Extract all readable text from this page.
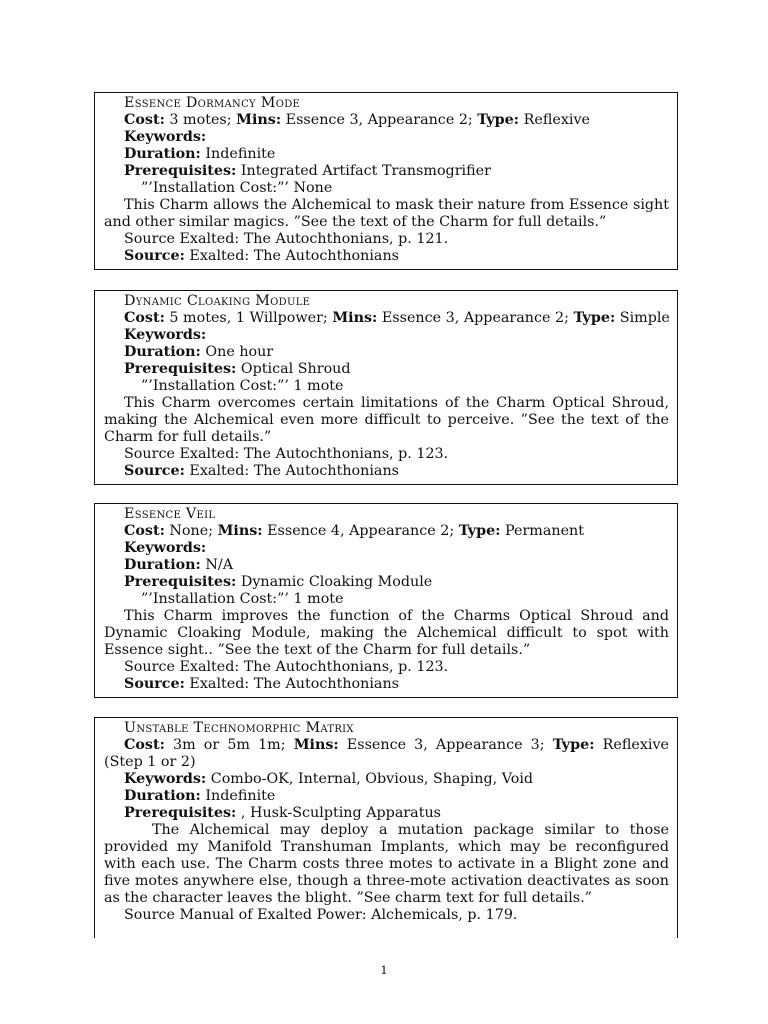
Essence Dormancy Mode
Cost: 3 motes; Mins: Essence 3, Appearance 2; Type: Reflexive
Keywords:
Duration: Indefinite
Prerequisites: Integrated Artifact Transmogrifier
”’Installation Cost:”’ None
This Charm allows the Alchemical to mask their nature from Essence sight and other similar magics. ”See the text of the Charm for full details.”
Source Exalted: The Autochthonians, p. 121.
Source: Exalted: The Autochthonians
Dynamic Cloaking Module
Cost: 5 motes, 1 Willpower; Mins: Essence 3, Appearance 2; Type: Simple
Keywords:
Duration: One hour
Prerequisites: Optical Shroud
”’Installation Cost:”’ 1 mote
This Charm overcomes certain limitations of the Charm Optical Shroud, making the Alchemical even more difficult to perceive. ”See the text of the Charm for full details.”
Source Exalted: The Autochthonians, p. 123.
Source: Exalted: The Autochthonians
Essence Veil
Cost: None; Mins: Essence 4, Appearance 2; Type: Permanent
Keywords:
Duration: N/A
Prerequisites: Dynamic Cloaking Module
”’Installation Cost:”’ 1 mote
This Charm improves the function of the Charms Optical Shroud and Dynamic Cloaking Module, making the Alchemical difficult to spot with Essence sight.. ”See the text of the Charm for full details.”
Source Exalted: The Autochthonians, p. 123.
Source: Exalted: The Autochthonians
Unstable Technomorphic Matrix
Cost: 3m or 5m 1m; Mins: Essence 3, Appearance 3; Type: Reflexive (Step 1 or 2)
Keywords: Combo-OK, Internal, Obvious, Shaping, Void
Duration: Indefinite
Prerequisites: , Husk-Sculpting Apparatus
The Alchemical may deploy a mutation package similar to those provided my Manifold Transhuman Implants, which may be reconfigured with each use. The Charm costs three motes to activate in a Blight zone and five motes anywhere else, though a three-mote activation deactivates as soon as the character leaves the blight. ”See charm text for full details.”
Source Manual of Exalted Power: Alchemicals, p. 179.
1
